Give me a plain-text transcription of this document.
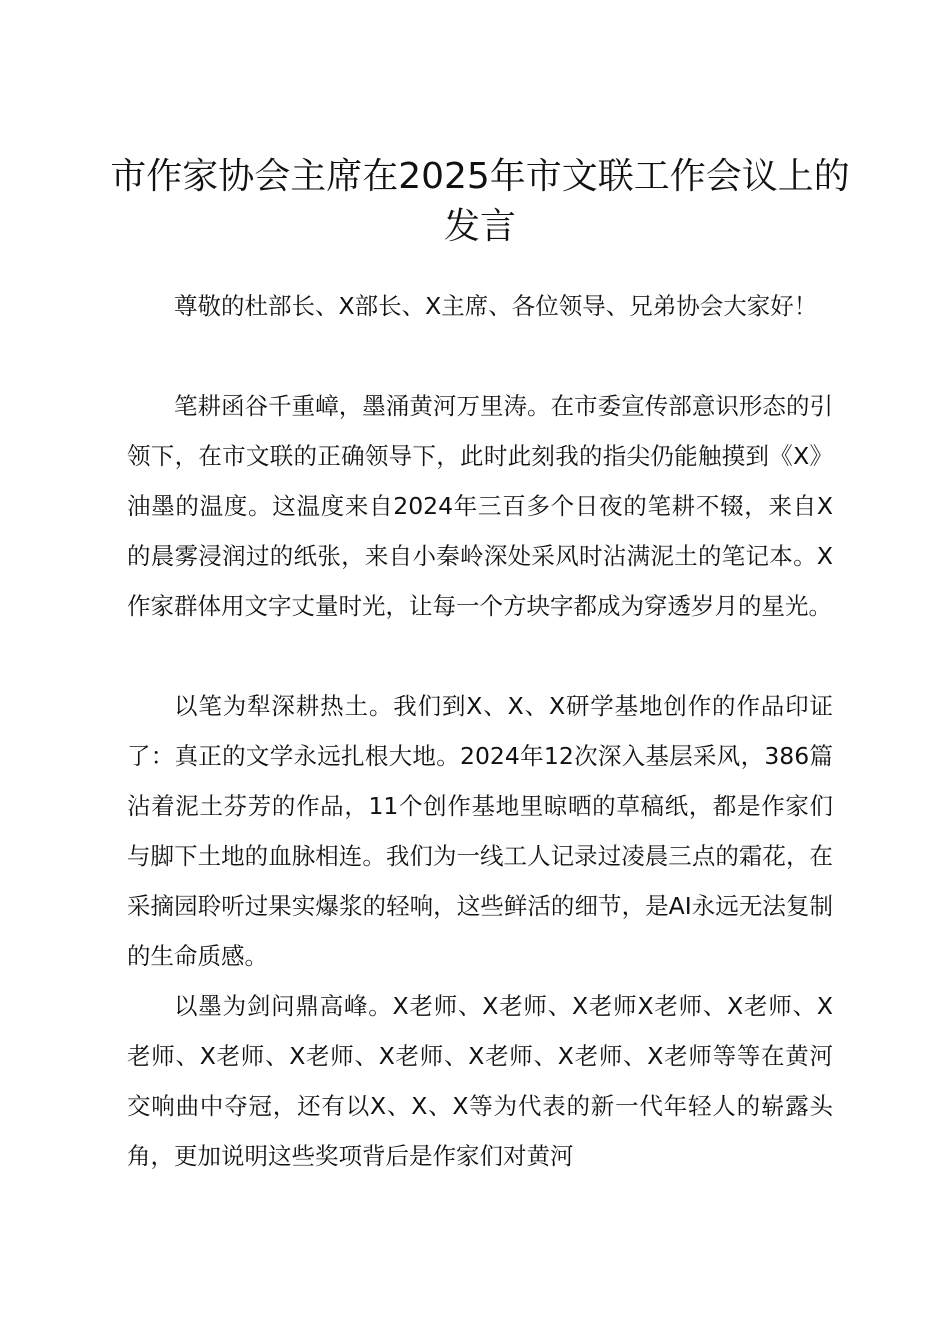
市作家协会主席在2025年市文联工作会议上的发言

尊敬的杜部长、X部长、X主席、各位领导、兄弟协会大家好！

笔耕函谷千重嶂，墨涌黄河万里涛。在市委宣传部意识形态的引领下，在市文联的正确领导下，此时此刻我的指尖仍能触摸到《X》油墨的温度。这温度来自2024年三百多个日夜的笔耕不辍，来自X的晨雾浸润过的纸张，来自小秦岭深处采风时沾满泥土的笔记本。X作家群体用文字丈量时光，让每一个方块字都成为穿透岁月的星光。

以笔为犁深耕热土。我们到X、X、X研学基地创作的作品印证了：真正的文学永远扎根大地。2024年12次深入基层采风，386篇沾着泥土芬芳的作品，11个创作基地里晾晒的草稿纸，都是作家们与脚下土地的血脉相连。我们为一线工人记录过凌晨三点的霜花，在采摘园聆听过果实爆浆的轻响，这些鲜活的细节，是AI永远无法复制的生命质感。

以墨为剑问鼎高峰。X老师、X老师、X老师X老师、X老师、X老师、X老师、X老师、X老师、X老师、X老师、X老师等等在黄河交响曲中夺冠，还有以X、X、X等为代表的新一代年轻人的崭露头角，更加说明这些奖项背后是作家们对黄河
